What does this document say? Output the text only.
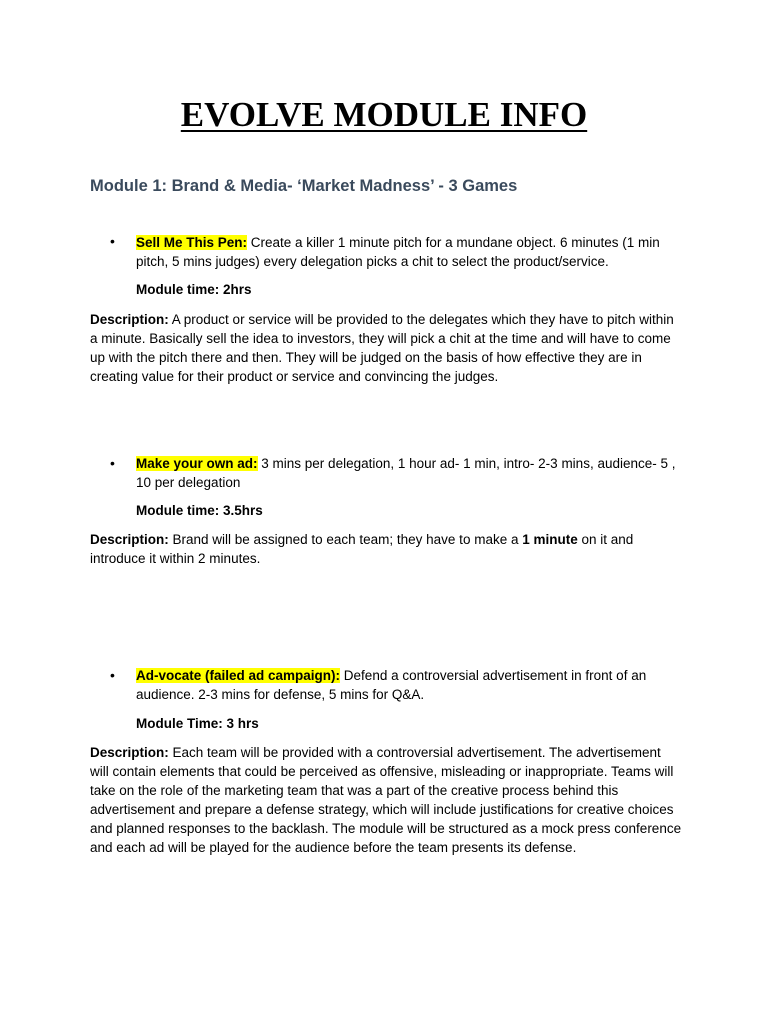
EVOLVE MODULE INFO
Module 1: Brand & Media- ‘Market Madness’ - 3 Games
• Sell Me This Pen: Create a killer 1 minute pitch for a mundane object. 6 minutes (1 min pitch, 5 mins judges) every delegation picks a chit to select the product/service.
Module time: 2hrs
Description: A product or service will be provided to the delegates which they have to pitch within a minute. Basically sell the idea to investors, they will pick a chit at the time and will have to come up with the pitch there and then. They will be judged on the basis of how effective they are in creating value for their product or service and convincing the judges.
• Make your own ad: 3 mins per delegation, 1 hour ad- 1 min, intro- 2-3 mins, audience- 5 , 10 per delegation
Module time: 3.5hrs
Description: Brand will be assigned to each team; they have to make a 1 minute on it and introduce it within 2 minutes.
• Ad-vocate (failed ad campaign): Defend a controversial advertisement in front of an audience. 2-3 mins for defense, 5 mins for Q&A.
Module Time: 3 hrs
Description: Each team will be provided with a controversial advertisement. The advertisement will contain elements that could be perceived as offensive, misleading or inappropriate. Teams will take on the role of the marketing team that was a part of the creative process behind this advertisement and prepare a defense strategy, which will include justifications for creative choices and planned responses to the backlash. The module will be structured as a mock press conference and each ad will be played for the audience before the team presents its defense.
